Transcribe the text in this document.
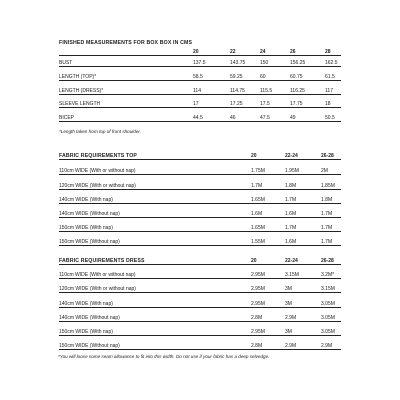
FINISHED MEASUREMENTS FOR BOX BOX IN CMS
20	22	24	26	28
BUST	137.5	143.75	150	156.25	162.5
LENGTH (TOP)*	58.5	59.25	60	60.75	61.5
LENGTH (DRESS)*	114	114.75	115.5	116.25	117
SLEEVE LENGTH	17	17.25	17.5	17.75	18
BICEP	44.5	46	47.5	49	50.5
*Length taken from top of front shoulder.
FABRIC REQUIREMENTS TOP	20	22-24	26-28
110cm WIDE (With or without nap)	1.75M	1.95M	2M
120cm WIDE (With or without nap)	1.7M	1.8M	1.85M
140cm WIDE (With nap)	1.65M	1.7M	1.8M
140cm WIDE (Without nap)	1.6M	1.6M	1.7M
150cm WIDE (With nap)	1.65M	1.7M	1.7M
150cm WIDE (Without nap)	1.55M	1.6M	1.7M
FABRIC REQUIREMENTS DRESS	20	22-24	26-28
110cm WIDE (With or without nap)	2.95M	3.15M	3.2M*
120cm WIDE (With or without nap)	2.95M	3M	3.15M
140cm WIDE (With nap)	2.95M	3M	3.05M
140cm WIDE (Without nap)	2.8M	2.9M	3.05M
150cm WIDE (With nap)	2.95M	3M	3.05M
150cm WIDE (Without nap)	2.8M	2.9M	2.9M
*You will loose some seam allowance to fit into this width. Do not use if your fabric has a deep selvedge.
